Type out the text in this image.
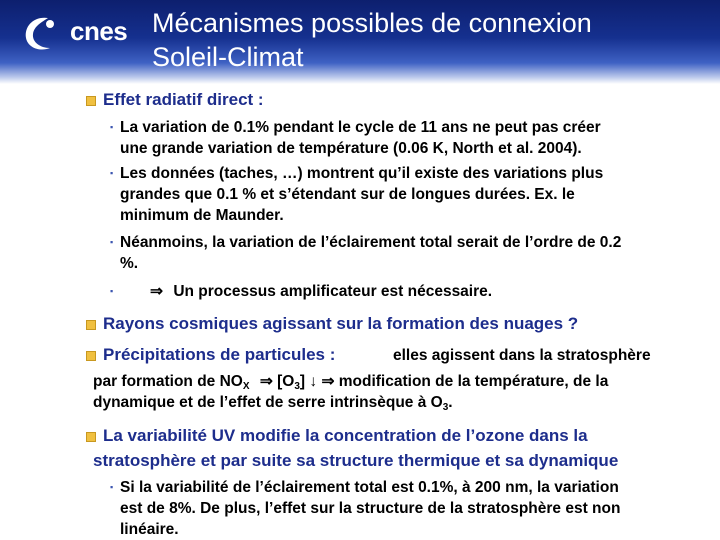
cnes Mécanismes possibles de connexion
Soleil-Climat
Effet radiatif direct :
▪ La variation de 0.1% pendant le cycle de 11 ans ne peut pas créer
une grande variation de température (0.06 K, North et al. 2004).
▪ Les données (taches, …) montrent qu’il existe des variations plus
grandes que 0.1 % et s’étendant sur de longues durées. Ex. le
minimum de Maunder.
▪ Néanmoins, la variation de l’éclairement total serait de l’ordre de 0.2
%.
▪ ⇒ Un processus amplificateur est nécessaire.
Rayons cosmiques agissant sur la formation des nuages ?
Précipitations de particules :	elles agissent dans la stratosphère
par formation de $NO_X$ ⇒ $[O_3]$ ↓ ⇒ modification de la température, de la
dynamique et de l’effet de serre intrinsèque à $O_3$.
La variabilité UV modifie la concentration de l’ozone dans la
stratosphère et par suite sa structure thermique et sa dynamique
▪ Si la variabilité de l’éclairement total est 0.1%, à 200 nm, la variation
est de 8%. De plus, l’effet sur la structure de la stratosphère est non
linéaire.
